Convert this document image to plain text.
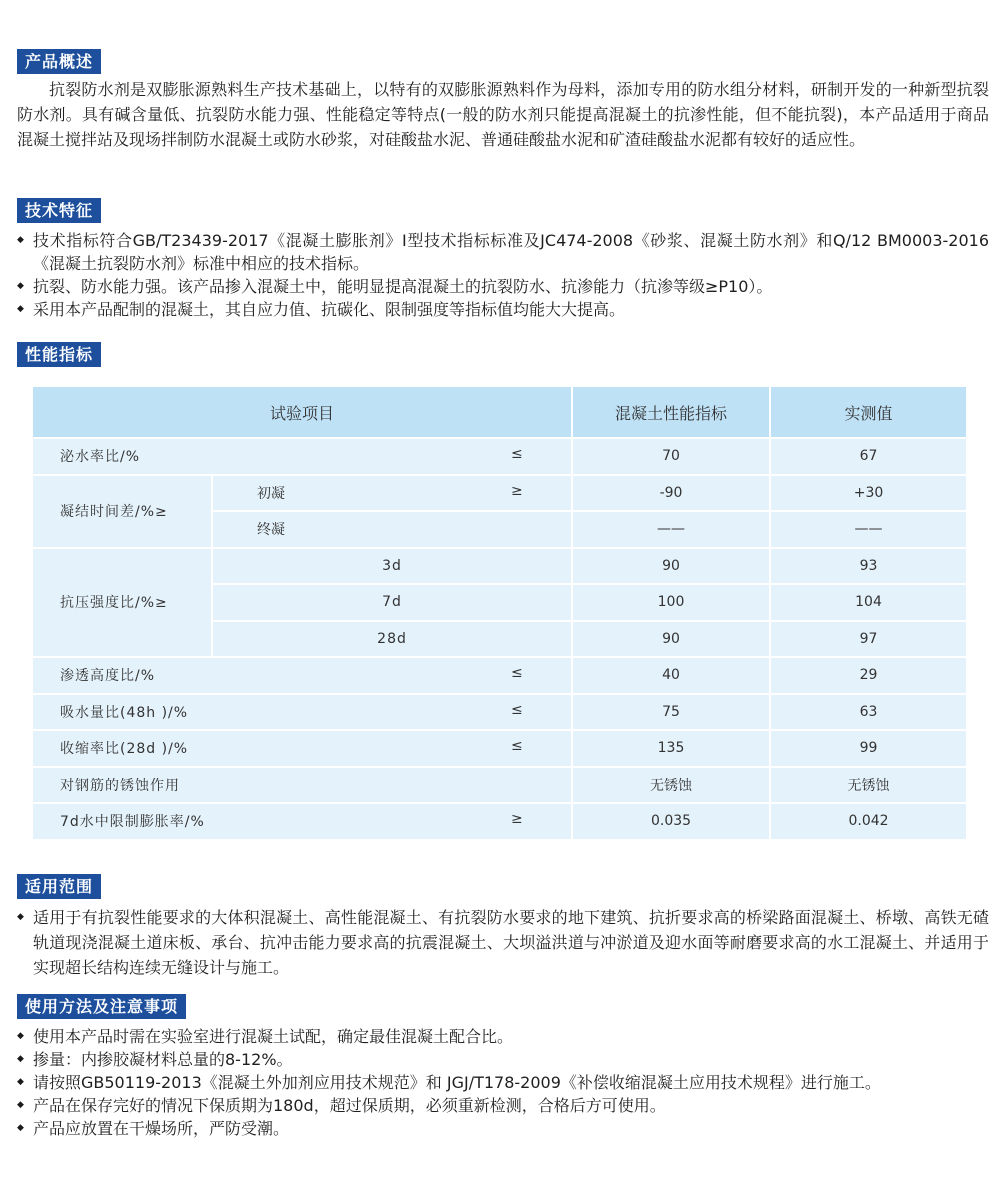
产品概述

抗裂防水剂是双膨胀源熟料生产技术基础上，以特有的双膨胀源熟料作为母料，添加专用的防水组分材料，研制开发的一种新型抗裂防水剂。具有碱含量低、抗裂防水能力强、性能稳定等特点(一般的防水剂只能提高混凝土的抗渗性能，但不能抗裂)，本产品适用于商品混凝土搅拌站及现场拌制防水混凝土或防水砂浆，对硅酸盐水泥、普通硅酸盐水泥和矿渣硅酸盐水泥都有较好的适应性。

技术特征
◆ 技术指标符合GB/T23439-2017《混凝土膨胀剂》Ⅰ型技术指标标准及JC474-2008《砂浆、混凝土防水剂》和Q/12 BM0003-2016《混凝土抗裂防水剂》标准中相应的技术指标。
◆ 抗裂、防水能力强。该产品掺入混凝土中，能明显提高混凝土的抗裂防水、抗渗能力（抗渗等级≥P10）。
◆ 采用本产品配制的混凝土，其自应力值、抗碳化、限制强度等指标值均能大大提高。
性能指标
试验项目		混凝土性能指标	实测值
泌水率比/% ≤		70	67
凝结时间差/%≥	初凝 ≥	-90	+30
	终凝	——	——
抗压强度比/%≥	3d	90	93
	7d	100	104
	28d	90	97
渗透高度比/% ≤		40	29
吸水量比(48h )/% ≤		75	63
收缩率比(28d )/% ≤		135	99
对钢筋的锈蚀作用		无锈蚀	无锈蚀
7d水中限制膨胀率/% ≥		0.035	0.042
适用范围
◆ 适用于有抗裂性能要求的大体积混凝土、高性能混凝土、有抗裂防水要求的地下建筑、抗折要求高的桥梁路面混凝土、桥墩、高铁无碴轨道现浇混凝土道床板、承台、抗冲击能力要求高的抗震混凝土、大坝溢洪道与冲淤道及迎水面等耐磨要求高的水工混凝土、并适用于实现超长结构连续无缝设计与施工。
使用方法及注意事项
◆ 使用本产品时需在实验室进行混凝土试配，确定最佳混凝土配合比。
◆ 掺量：内掺胶凝材料总量的8-12%。
◆ 请按照GB50119-2013《混凝土外加剂应用技术规范》和 JGJ/T178-2009《补偿收缩混凝土应用技术规程》进行施工。
◆ 产品在保存完好的情况下保质期为180d，超过保质期，必须重新检测，合格后方可使用。
◆ 产品应放置在干燥场所，严防受潮。
